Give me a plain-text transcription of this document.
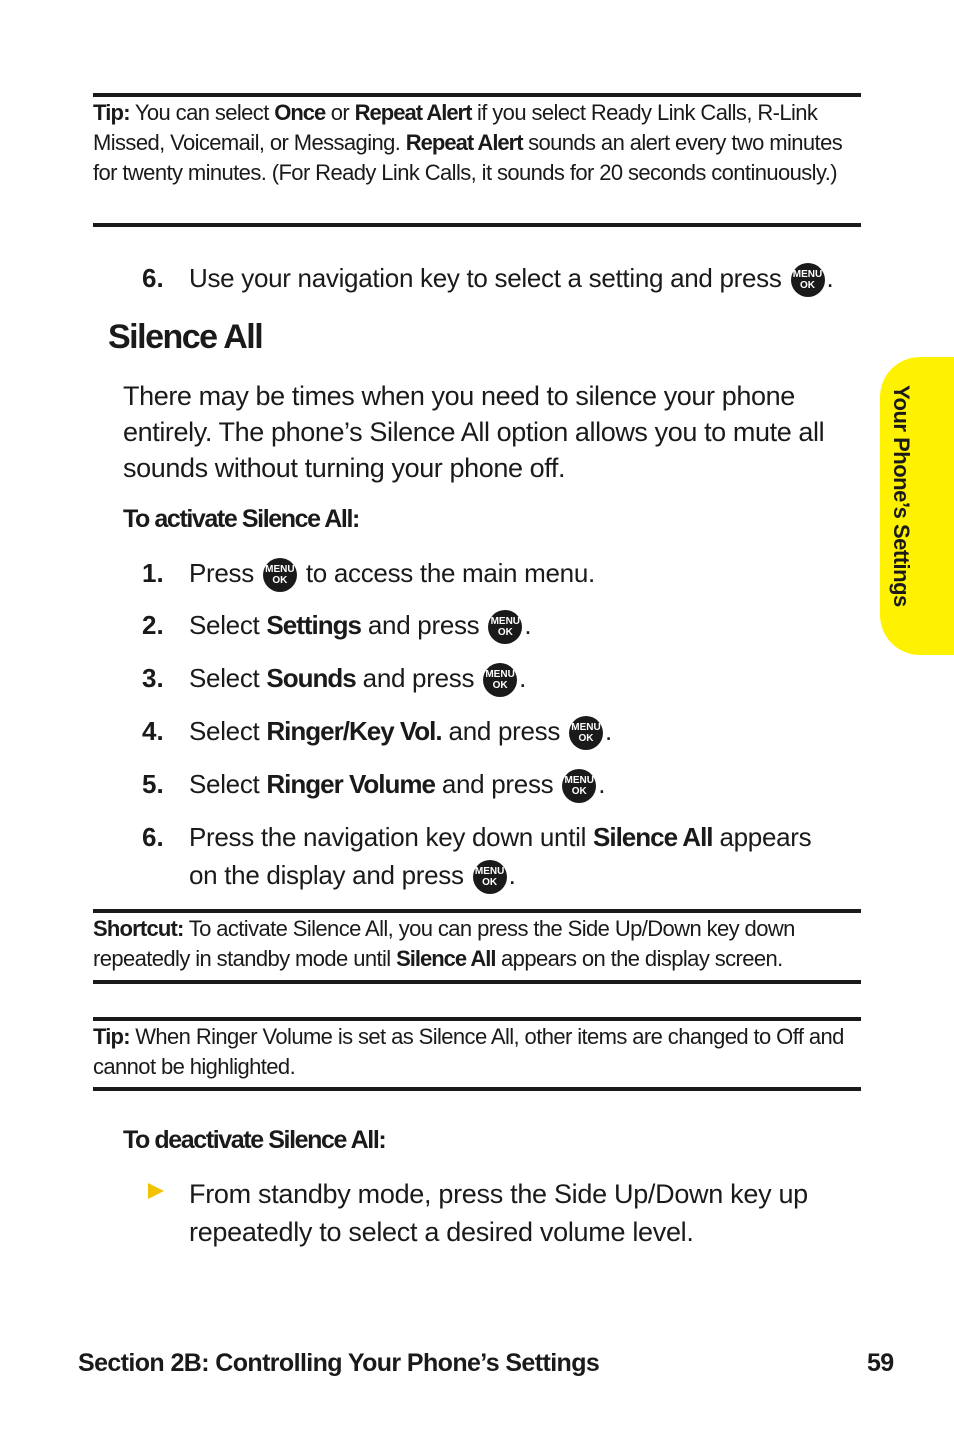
Tip: You can select Once or Repeat Alert if you select Ready Link Calls, R-Link Missed, Voicemail, or Messaging. Repeat Alert sounds an alert every two minutes for twenty minutes. (For Ready Link Calls, it sounds for 20 seconds continuously.)
6. Use your navigation key to select a setting and press MENU
OK .
Silence All
There may be times when you need to silence your phone entirely. The phone’s Silence All option allows you to mute all sounds without turning your phone off.
To activate Silence All:
1. Press MENU
OK to access the main menu.
2. Select Settings and press MENU
OK .
3. Select Sounds and press MENU
OK .
4. Select Ringer/Key Vol. and press MENU
OK .
5. Select Ringer Volume and press MENU
OK .
6. Press the navigation key down until Silence All appears
on the display and press MENU
OK .
Shortcut: To activate Silence All, you can press the Side Up/Down key down repeatedly in standby mode until Silence All appears on the display screen.
Tip: When Ringer Volume is set as Silence All, other items are changed to Off and cannot be highlighted.
To deactivate Silence All:
From standby mode, press the Side Up/Down key up repeatedly to select a desired volume level.
Your Phone’s Settings
Section 2B: Controlling Your Phone’s Settings	59
